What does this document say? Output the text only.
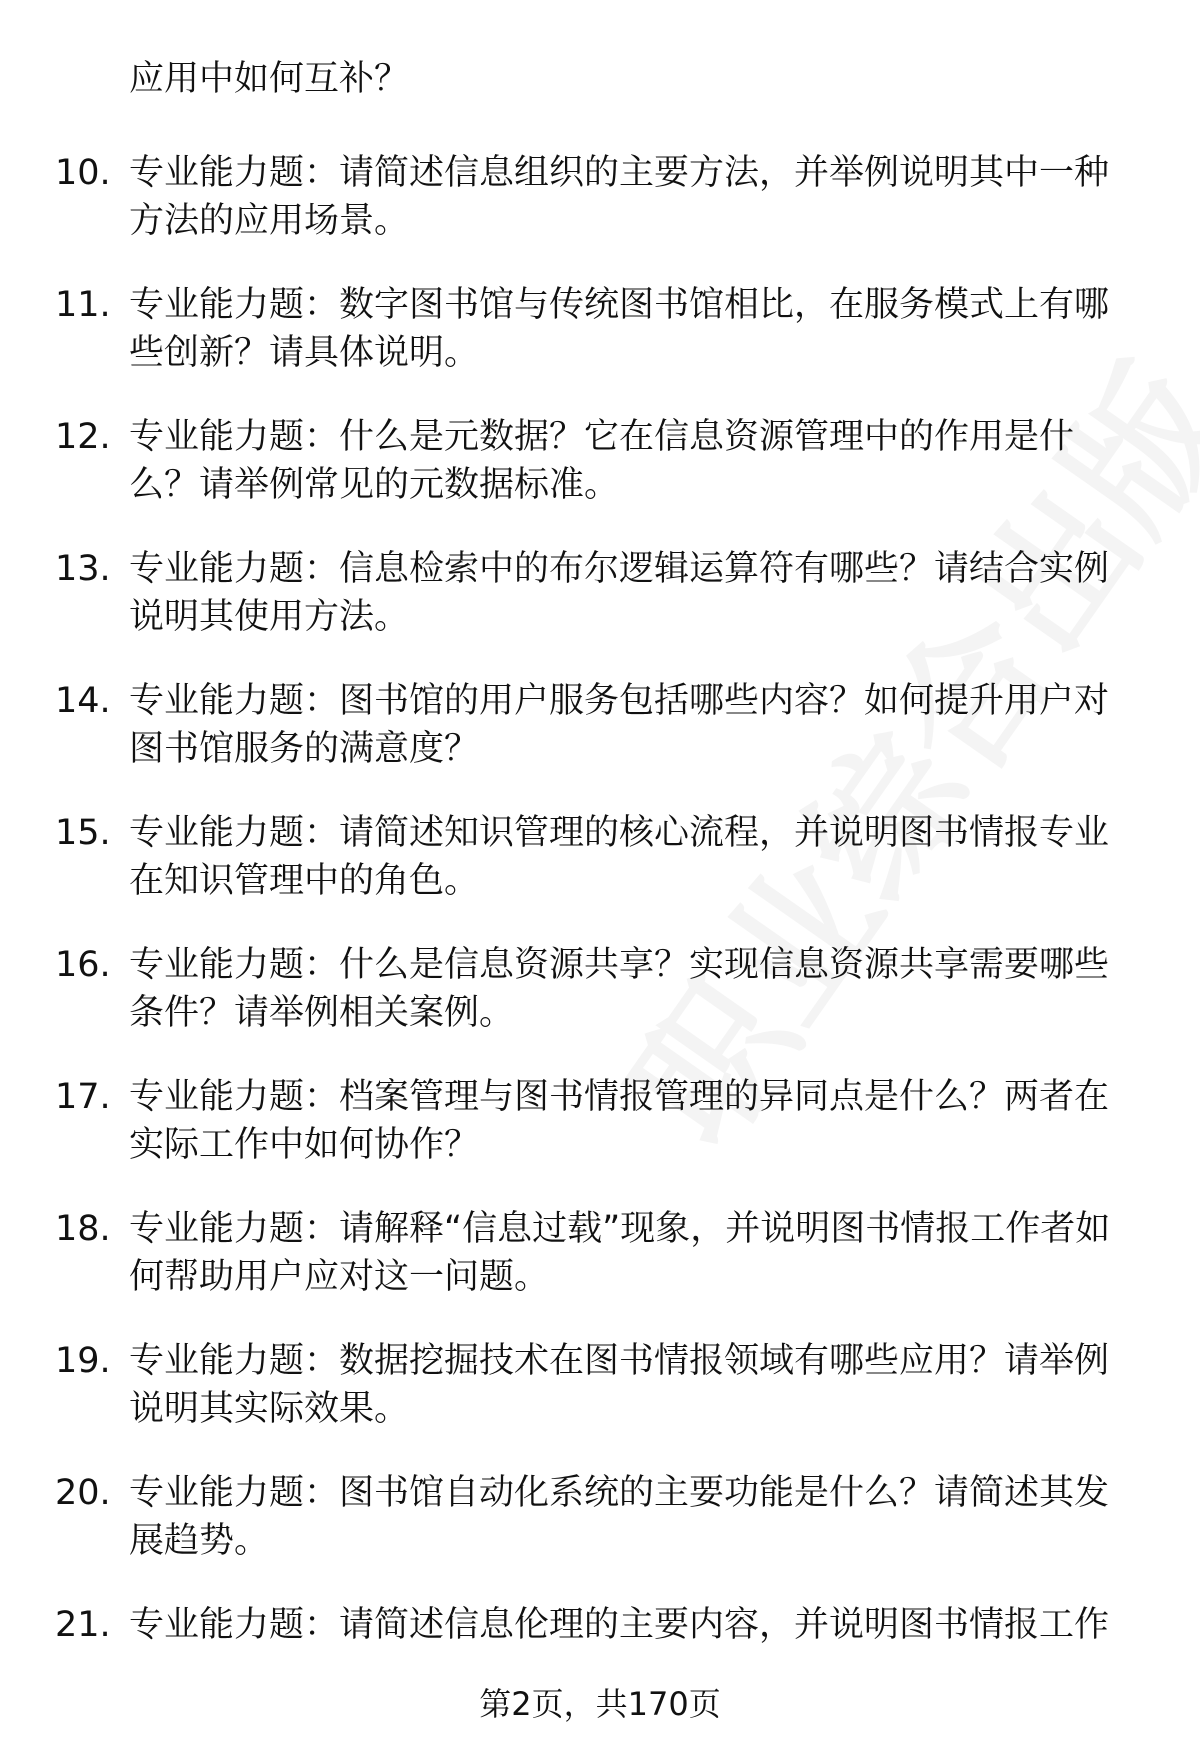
应用中如何互补？
10. 专业能力题：请简述信息组织的主要方法，并举例说明其中一种方法的应用场景。
11. 专业能力题：数字图书馆与传统图书馆相比，在服务模式上有哪些创新？请具体说明。
12. 专业能力题：什么是元数据？它在信息资源管理中的作用是什么？请举例常见的元数据标准。
13. 专业能力题：信息检索中的布尔逻辑运算符有哪些？请结合实例说明其使用方法。
14. 专业能力题：图书馆的用户服务包括哪些内容？如何提升用户对图书馆服务的满意度？
15. 专业能力题：请简述知识管理的核心流程，并说明图书情报专业在知识管理中的角色。
16. 专业能力题：什么是信息资源共享？实现信息资源共享需要哪些条件？请举例相关案例。
17. 专业能力题：档案管理与图书情报管理的异同点是什么？两者在实际工作中如何协作？
18. 专业能力题：请解释“信息过载”现象，并说明图书情报工作者如何帮助用户应对这一问题。
19. 专业能力题：数据挖掘技术在图书情报领域有哪些应用？请举例说明其实际效果。
20. 专业能力题：图书馆自动化系统的主要功能是什么？请简述其发展趋势。
21. 专业能力题：请简述信息伦理的主要内容，并说明图书情报工作
第2页，共170页
